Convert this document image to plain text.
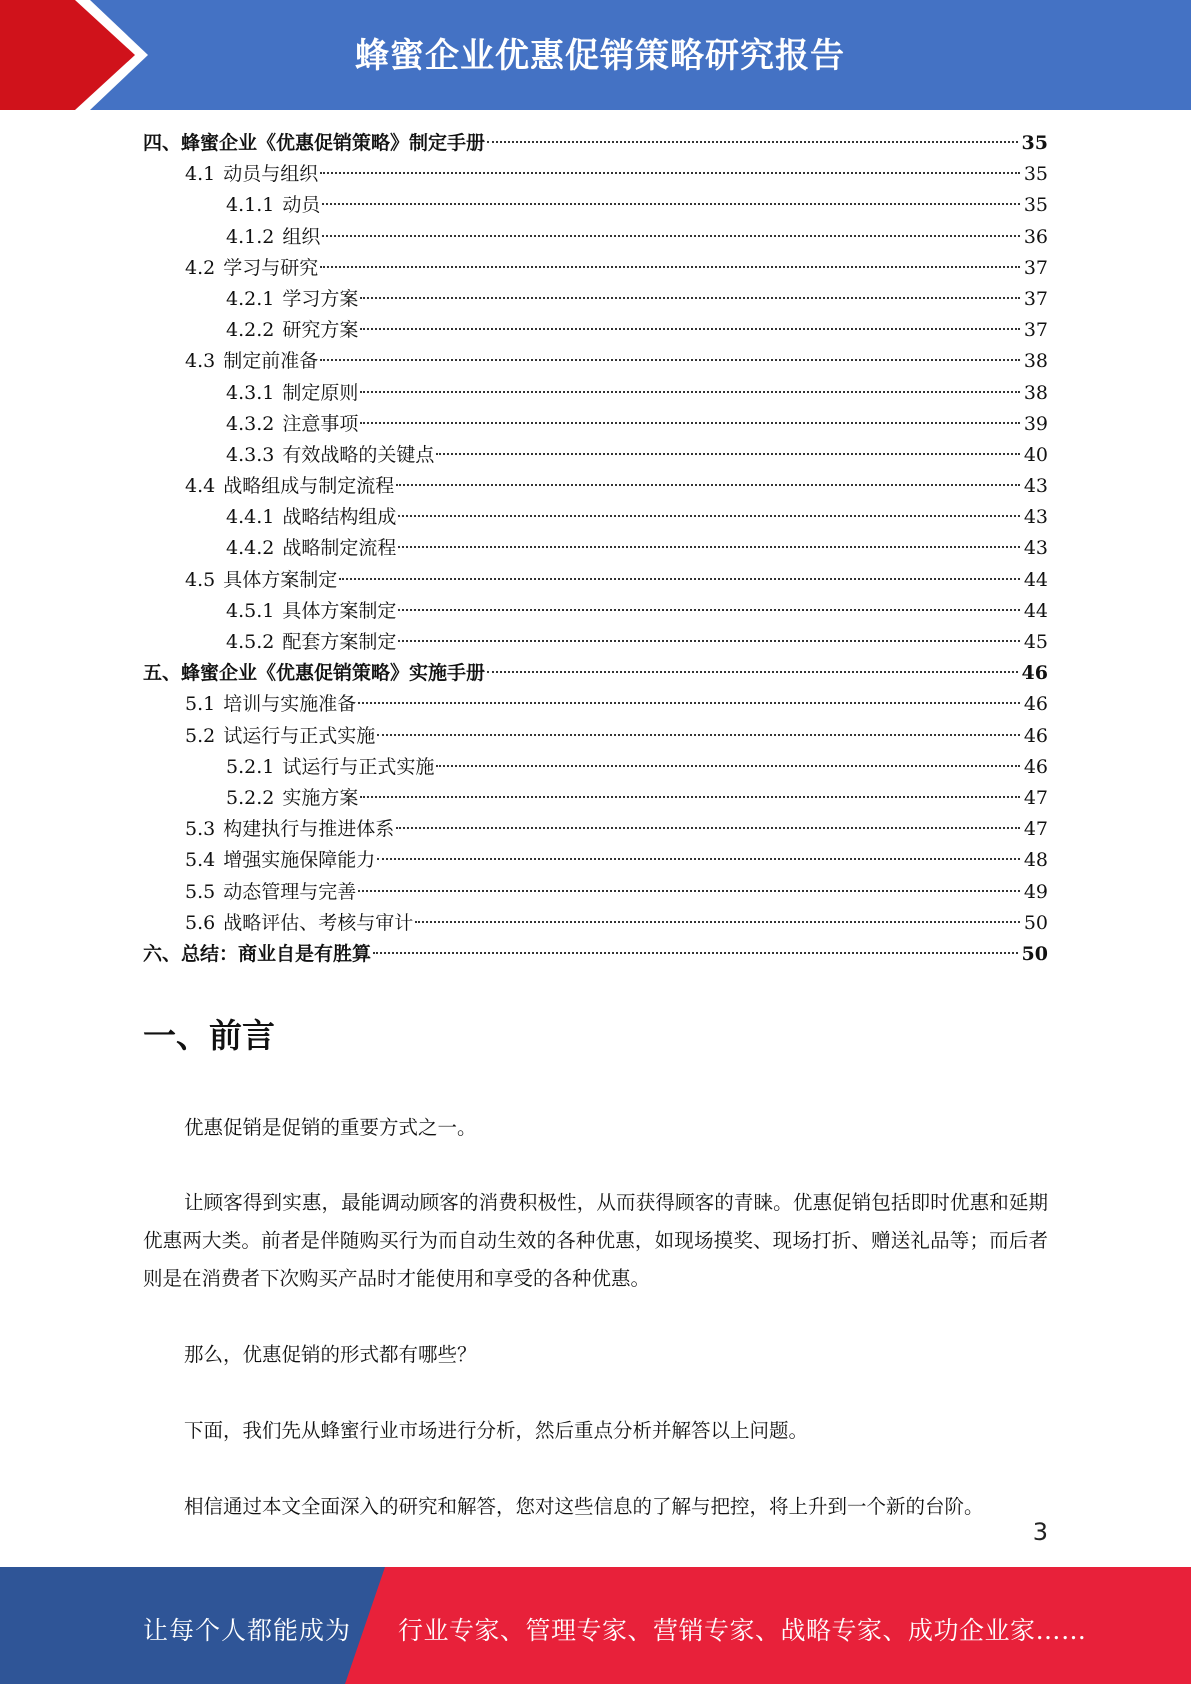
蜂蜜企业优惠促销策略研究报告
四、蜂蜜企业《优惠促销策略》制定手册	35
4.1 动员与组织	35
4.1.1 动员	35
4.1.2 组织	36
4.2 学习与研究	37
4.2.1 学习方案	37
4.2.2 研究方案	37
4.3 制定前准备	38
4.3.1 制定原则	38
4.3.2 注意事项	39
4.3.3 有效战略的关键点	40
4.4 战略组成与制定流程	43
4.4.1 战略结构组成	43
4.4.2 战略制定流程	43
4.5 具体方案制定	44
4.5.1 具体方案制定	44
4.5.2 配套方案制定	45
五、蜂蜜企业《优惠促销策略》实施手册	46
5.1 培训与实施准备	46
5.2 试运行与正式实施	46
5.2.1 试运行与正式实施	46
5.2.2 实施方案	47
5.3 构建执行与推进体系	47
5.4 增强实施保障能力	48
5.5 动态管理与完善	49
5.6 战略评估、考核与审计	50
六、总结：商业自是有胜算	50
一、前言
优惠促销是促销的重要方式之一。
让顾客得到实惠，最能调动顾客的消费积极性，从而获得顾客的青睐。优惠促销包括即时优惠和延期优惠两大类。前者是伴随购买行为而自动生效的各种优惠，如现场摸奖、现场打折、赠送礼品等；而后者则是在消费者下次购买产品时才能使用和享受的各种优惠。
那么，优惠促销的形式都有哪些？
下面，我们先从蜂蜜行业市场进行分析，然后重点分析并解答以上问题。
相信通过本文全面深入的研究和解答，您对这些信息的了解与把控，将上升到一个新的台阶。
3
让每个人都能成为 行业专家、管理专家、营销专家、战略专家、成功企业家……
